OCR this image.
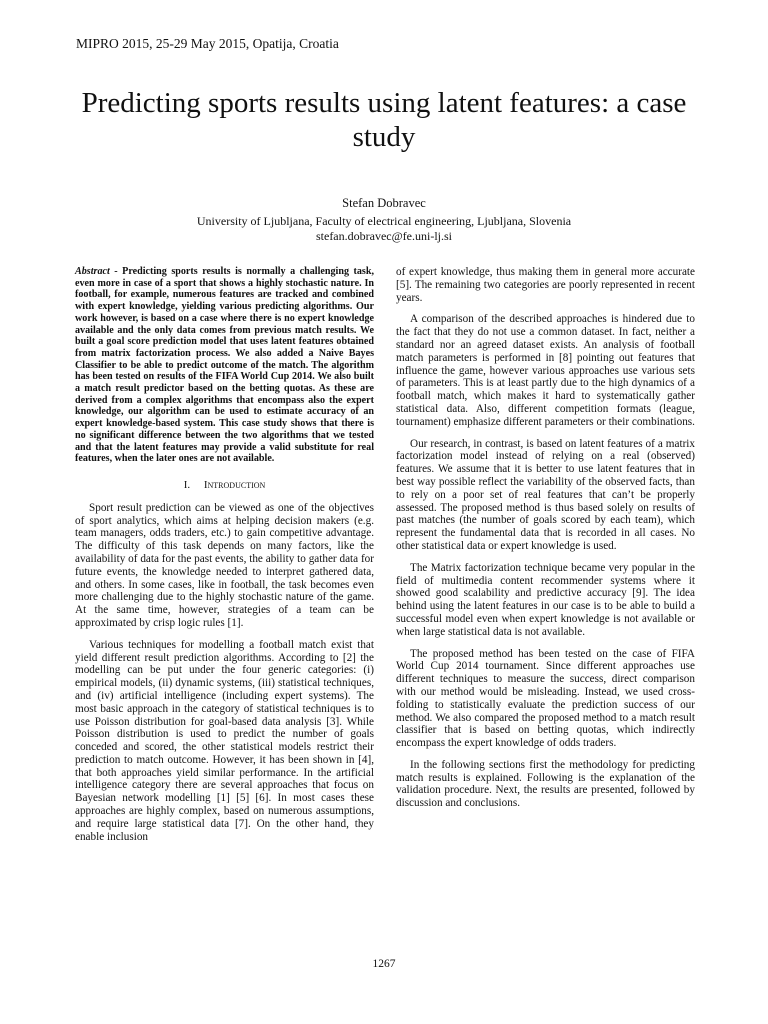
MIPRO 2015, 25-29 May 2015, Opatija, Croatia
Predicting sports results using latent features: a case study
Stefan Dobravec
University of Ljubljana, Faculty of electrical engineering, Ljubljana, Slovenia
stefan.dobravec@fe.uni-lj.si

Abstract - Predicting sports results is normally a challenging task, even more in case of a sport that shows a highly stochastic nature. In football, for example, numerous features are tracked and combined with expert knowledge, yielding various predicting algorithms. Our work however, is based on a case where there is no expert knowledge available and the only data comes from previous match results. We built a goal score prediction model that uses latent features obtained from matrix factorization process. We also added a Naive Bayes Classifier to be able to predict outcome of the match. The algorithm has been tested on results of the FIFA World Cup 2014. We also built a match result predictor based on the betting quotas. As these are derived from a complex algorithms that encompass also the expert knowledge, our algorithm can be used to estimate accuracy of an expert knowledge-based system. This case study shows that there is no significant difference between the two algorithms that we tested and that the latent features may provide a valid substitute for real features, when the later ones are not available.

I. Introduction

Sport result prediction can be viewed as one of the objectives of sport analytics, which aims at helping decision makers (e.g. team managers, odds traders, etc.) to gain competitive advantage. The difficulty of this task depends on many factors, like the availability of data for the past events, the ability to gather data for future events, the knowledge needed to interpret gathered data, and others. In some cases, like in football, the task becomes even more challenging due to the highly stochastic nature of the game. At the same time, however, strategies of a team can be approximated by crisp logic rules [1].

Various techniques for modelling a football match exist that yield different result prediction algorithms. According to [2] the modelling can be put under the four generic categories: (i) empirical models, (ii) dynamic systems, (iii) statistical techniques, and (iv) artificial intelligence (including expert systems). The most basic approach in the category of statistical techniques is to use Poisson distribution for goal-based data analysis [3]. While Poisson distribution is used to predict the number of goals conceded and scored, the other statistical models restrict their prediction to match outcome. However, it has been shown in [4], that both approaches yield similar performance. In the artificial intelligence category there are several approaches that focus on Bayesian network modelling [1] [5] [6]. In most cases these approaches are highly complex, based on numerous assumptions, and require large statistical data [7]. On the other hand, they enable inclusion

of expert knowledge, thus making them in general more accurate [5]. The remaining two categories are poorly represented in recent years.

A comparison of the described approaches is hindered due to the fact that they do not use a common dataset. In fact, neither a standard nor an agreed dataset exists. An analysis of football match parameters is performed in [8] pointing out features that influence the game, however various approaches use various sets of parameters. This is at least partly due to the high dynamics of a football match, which makes it hard to systematically gather statistical data. Also, different competition formats (league, tournament) emphasize different parameters or their combinations.

Our research, in contrast, is based on latent features of a matrix factorization model instead of relying on a real (observed) features. We assume that it is better to use latent features that in best way possible reflect the variability of the observed facts, than to rely on a poor set of real features that can’t be properly assessed. The proposed method is thus based solely on results of past matches (the number of goals scored by each team), which represent the fundamental data that is recorded in all cases. No other statistical data or expert knowledge is used.

The Matrix factorization technique became very popular in the field of multimedia content recommender systems where it showed good scalability and predictive accuracy [9]. The idea behind using the latent features in our case is to be able to build a successful model even when expert knowledge is not available or when large statistical data is not available.

The proposed method has been tested on the case of FIFA World Cup 2014 tournament. Since different approaches use different techniques to measure the success, direct comparison with our method would be misleading. Instead, we used cross-folding to statistically evaluate the prediction success of our method. We also compared the proposed method to a match result classifier that is based on betting quotas, which indirectly encompass the expert knowledge of odds traders.

In the following sections first the methodology for predicting match results is explained. Following is the explanation of the validation procedure. Next, the results are presented, followed by discussion and conclusions.

1267
